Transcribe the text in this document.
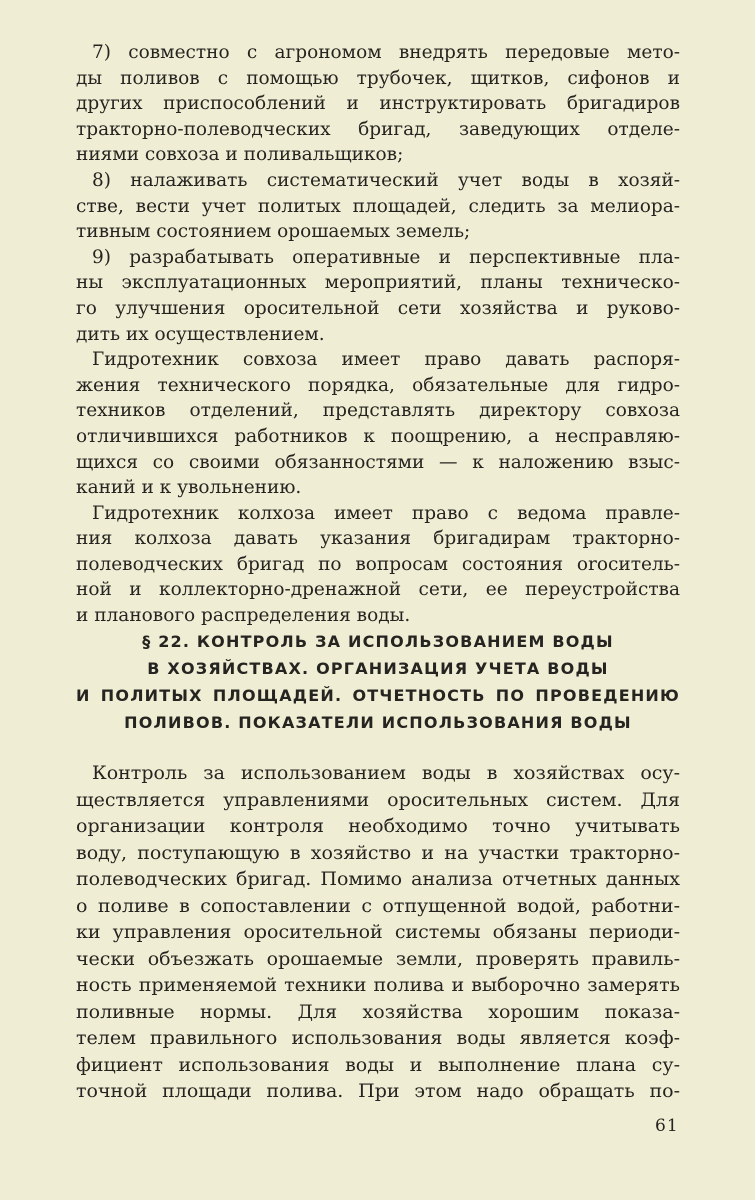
7) совместно с агрономом внедрять передовые мето-
ды поливов с помощью трубочек, щитков, сифонов и
других приспособлений и инструктировать бригадиров
тракторно-полеводческих бригад, заведующих отделе-
ниями совхоза и поливальщиков;
8) налаживать систематический учет воды в хозяй-
стве, вести учет политых площадей, следить за мелиора-
тивным состоянием орошаемых земель;
9) разрабатывать оперативные и перспективные пла-
ны эксплуатационных мероприятий, планы техническо-
го улучшения оросительной сети хозяйства и руково-
дить их осуществлением.
Гидротехник совхоза имеет право давать распоря-
жения технического порядка, обязательные для гидро-
техников отделений, представлять директору совхоза
отличившихся работников к поощрению, а несправляю-
щихся со своими обязанностями — к наложению взыс-
каний и к увольнению.
Гидротехник колхоза имеет право с ведома правле-
ния колхоза давать указания бригадирам тракторно-
полеводческих бригад по вопросам состояния оroситель-
ной и коллекторно-дренажной сети, ее переустройства
и планового распределения воды.
§ 22. КОНТРОЛЬ ЗА ИСПОЛЬЗОВАНИЕМ ВОДЫ
В ХОЗЯЙСТВАХ. ОРГАНИЗАЦИЯ УЧЕТА ВОДЫ
И ПОЛИТЫХ ПЛОЩАДЕЙ. ОТЧЕТНОСТЬ ПО ПРОВЕДЕНИЮ
ПОЛИВОВ. ПОКАЗАТЕЛИ ИСПОЛЬЗОВАНИЯ ВОДЫ
Контроль за использованием воды в хозяйствах осу-
ществляется управлениями оросительных систем. Для
организации контроля необходимо точно учитывать
воду, поступающую в хозяйство и на участки тракторно-
полеводческих бригад. Помимо анализа отчетных данных
о поливе в сопоставлении с отпущенной водой, работни-
ки управления оросительной системы обязаны периоди-
чески объезжать орошаемые земли, проверять правиль-
ность применяемой техники полива и выборочно замерять
поливные нормы. Для хозяйства хорошим показа-
телем правильного использования воды является коэф-
фициент использования воды и выполнение плана су-
точной площади полива. При этом надо обращать по-
61
